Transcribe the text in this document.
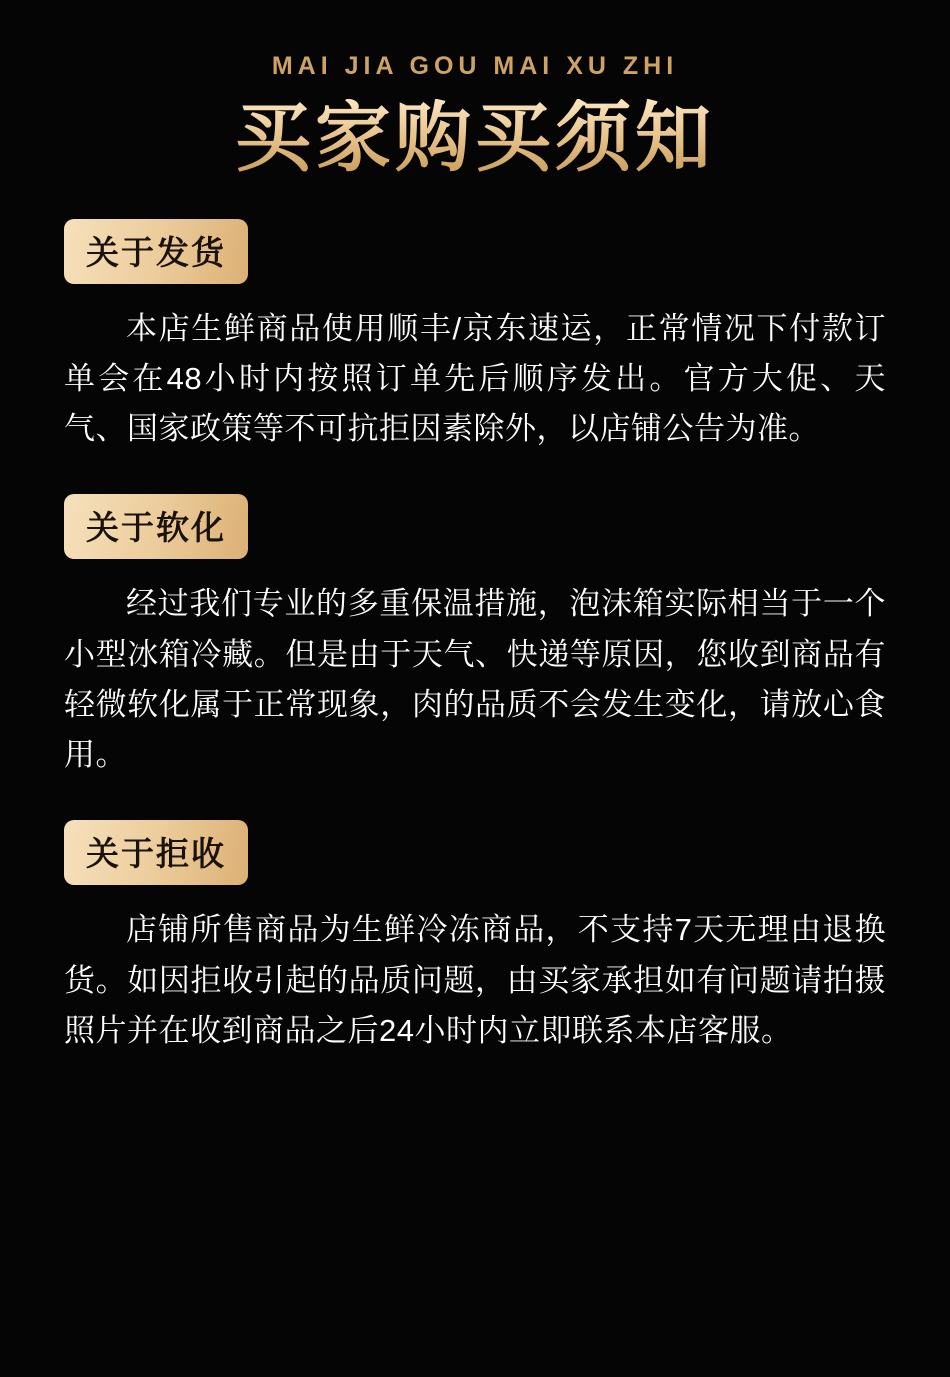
MAI JIA GOU MAI XU ZHI
买家购买须知
关于发货
本店生鲜商品使用顺丰/京东速运，正常情况下付款订单会在48小时内按照订单先后顺序发出。官方大促、天气、国家政策等不可抗拒因素除外，以店铺公告为准。
关于软化
经过我们专业的多重保温措施，泡沫箱实际相当于一个小型冰箱冷藏。但是由于天气、快递等原因，您收到商品有轻微软化属于正常现象，肉的品质不会发生变化，请放心食用。
关于拒收
店铺所售商品为生鲜冷冻商品，不支持7天无理由退换货。如因拒收引起的品质问题，由买家承担如有问题请拍摄照片并在收到商品之后24小时内立即联系本店客服。
